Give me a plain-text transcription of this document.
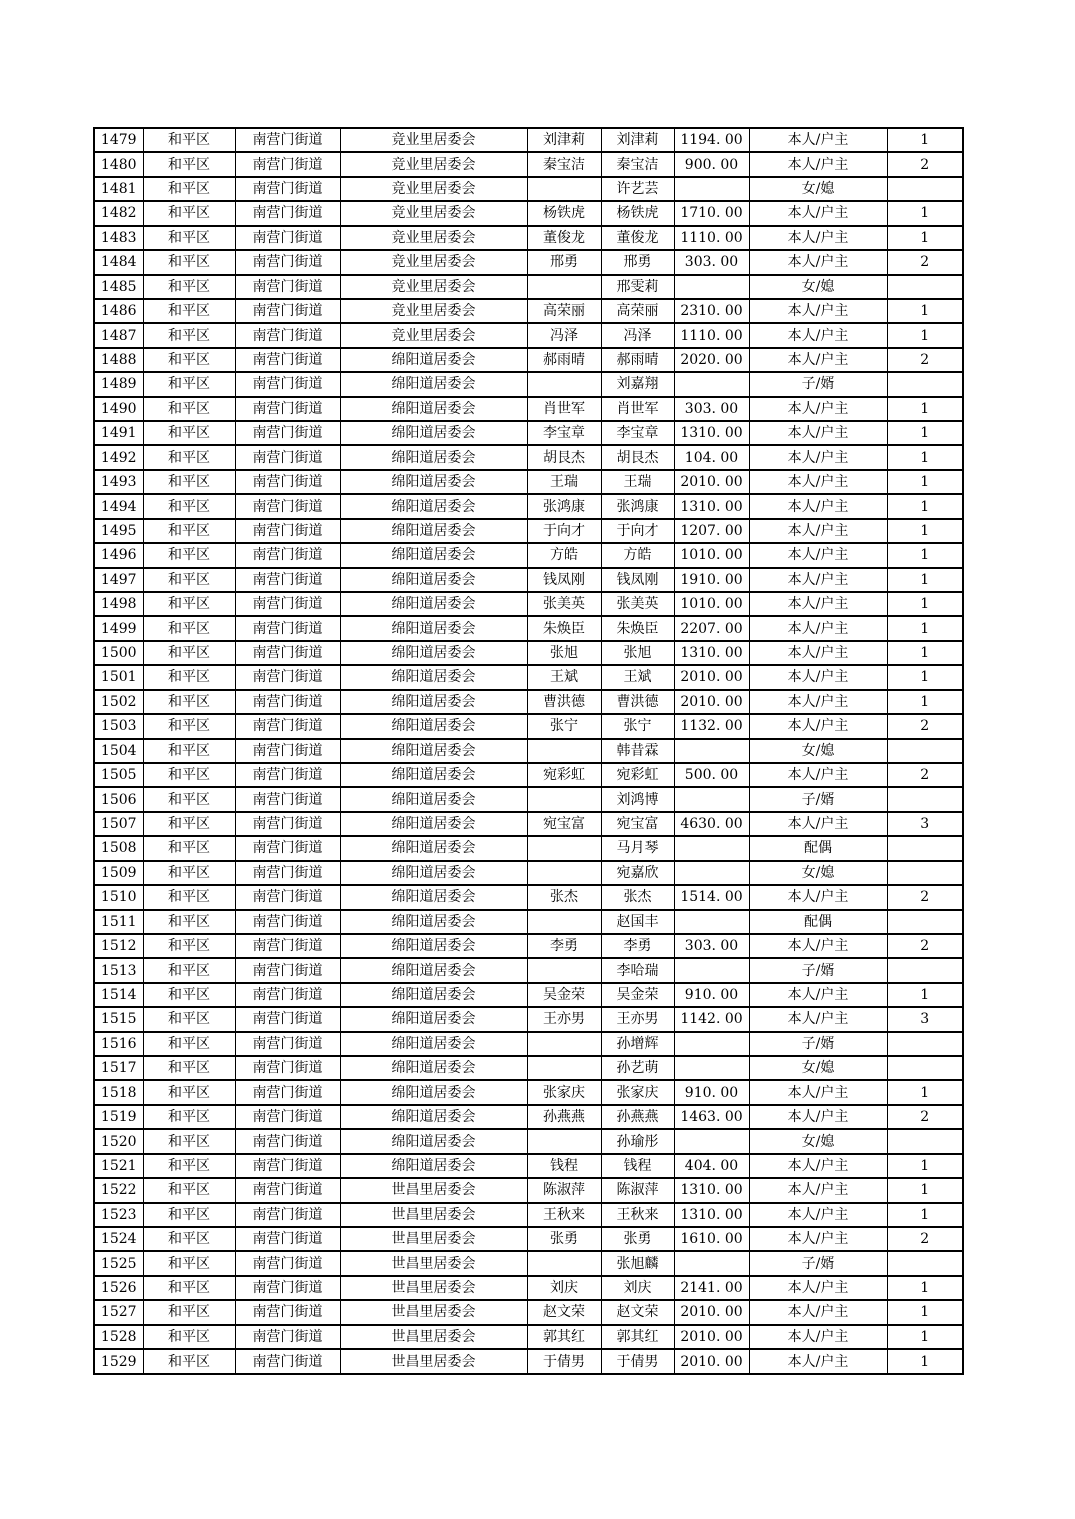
1479	和平区	南营门街道	竞业里居委会	刘津莉	刘津莉	1194. 00	本人/户主	1
1480	和平区	南营门街道	竞业里居委会	秦宝洁	秦宝洁	900. 00	本人/户主	2
1481	和平区	南营门街道	竞业里居委会		许艺芸		女/媳	
1482	和平区	南营门街道	竞业里居委会	杨铁虎	杨铁虎	1710. 00	本人/户主	1
1483	和平区	南营门街道	竞业里居委会	董俊龙	董俊龙	1110. 00	本人/户主	1
1484	和平区	南营门街道	竞业里居委会	邢勇	邢勇	303. 00	本人/户主	2
1485	和平区	南营门街道	竞业里居委会		邢雯莉		女/媳	
1486	和平区	南营门街道	竞业里居委会	高荣丽	高荣丽	2310. 00	本人/户主	1
1487	和平区	南营门街道	竞业里居委会	冯泽	冯泽	1110. 00	本人/户主	1
1488	和平区	南营门街道	绵阳道居委会	郝雨晴	郝雨晴	2020. 00	本人/户主	2
1489	和平区	南营门街道	绵阳道居委会		刘嘉翔		子/婿	
1490	和平区	南营门街道	绵阳道居委会	肖世军	肖世军	303. 00	本人/户主	1
1491	和平区	南营门街道	绵阳道居委会	李宝章	李宝章	1310. 00	本人/户主	1
1492	和平区	南营门街道	绵阳道居委会	胡艮杰	胡艮杰	104. 00	本人/户主	1
1493	和平区	南营门街道	绵阳道居委会	王瑞	王瑞	2010. 00	本人/户主	1
1494	和平区	南营门街道	绵阳道居委会	张鸿康	张鸿康	1310. 00	本人/户主	1
1495	和平区	南营门街道	绵阳道居委会	于向才	于向才	1207. 00	本人/户主	1
1496	和平区	南营门街道	绵阳道居委会	方皓	方皓	1010. 00	本人/户主	1
1497	和平区	南营门街道	绵阳道居委会	钱凤刚	钱凤刚	1910. 00	本人/户主	1
1498	和平区	南营门街道	绵阳道居委会	张美英	张美英	1010. 00	本人/户主	1
1499	和平区	南营门街道	绵阳道居委会	朱焕臣	朱焕臣	2207. 00	本人/户主	1
1500	和平区	南营门街道	绵阳道居委会	张旭	张旭	1310. 00	本人/户主	1
1501	和平区	南营门街道	绵阳道居委会	王斌	王斌	2010. 00	本人/户主	1
1502	和平区	南营门街道	绵阳道居委会	曹洪德	曹洪德	2010. 00	本人/户主	1
1503	和平区	南营门街道	绵阳道居委会	张宁	张宁	1132. 00	本人/户主	2
1504	和平区	南营门街道	绵阳道居委会		韩昔霖		女/媳	
1505	和平区	南营门街道	绵阳道居委会	宛彩虹	宛彩虹	500. 00	本人/户主	2
1506	和平区	南营门街道	绵阳道居委会		刘鸿博		子/婿	
1507	和平区	南营门街道	绵阳道居委会	宛宝富	宛宝富	4630. 00	本人/户主	3
1508	和平区	南营门街道	绵阳道居委会		马月琴		配偶	
1509	和平区	南营门街道	绵阳道居委会		宛嘉欣		女/媳	
1510	和平区	南营门街道	绵阳道居委会	张杰	张杰	1514. 00	本人/户主	2
1511	和平区	南营门街道	绵阳道居委会		赵国丰		配偶	
1512	和平区	南营门街道	绵阳道居委会	李勇	李勇	303. 00	本人/户主	2
1513	和平区	南营门街道	绵阳道居委会		李哈瑞		子/婿	
1514	和平区	南营门街道	绵阳道居委会	吴金荣	吴金荣	910. 00	本人/户主	1
1515	和平区	南营门街道	绵阳道居委会	王亦男	王亦男	1142. 00	本人/户主	3
1516	和平区	南营门街道	绵阳道居委会		孙增辉		子/婿	
1517	和平区	南营门街道	绵阳道居委会		孙艺萌		女/媳	
1518	和平区	南营门街道	绵阳道居委会	张家庆	张家庆	910. 00	本人/户主	1
1519	和平区	南营门街道	绵阳道居委会	孙燕燕	孙燕燕	1463. 00	本人/户主	2
1520	和平区	南营门街道	绵阳道居委会		孙瑜彤		女/媳	
1521	和平区	南营门街道	绵阳道居委会	钱程	钱程	404. 00	本人/户主	1
1522	和平区	南营门街道	世昌里居委会	陈淑萍	陈淑萍	1310. 00	本人/户主	1
1523	和平区	南营门街道	世昌里居委会	王秋来	王秋来	1310. 00	本人/户主	1
1524	和平区	南营门街道	世昌里居委会	张勇	张勇	1610. 00	本人/户主	2
1525	和平区	南营门街道	世昌里居委会		张旭麟		子/婿	
1526	和平区	南营门街道	世昌里居委会	刘庆	刘庆	2141. 00	本人/户主	1
1527	和平区	南营门街道	世昌里居委会	赵文荣	赵文荣	2010. 00	本人/户主	1
1528	和平区	南营门街道	世昌里居委会	郭其红	郭其红	2010. 00	本人/户主	1
1529	和平区	南营门街道	世昌里居委会	于倩男	于倩男	2010. 00	本人/户主	1
